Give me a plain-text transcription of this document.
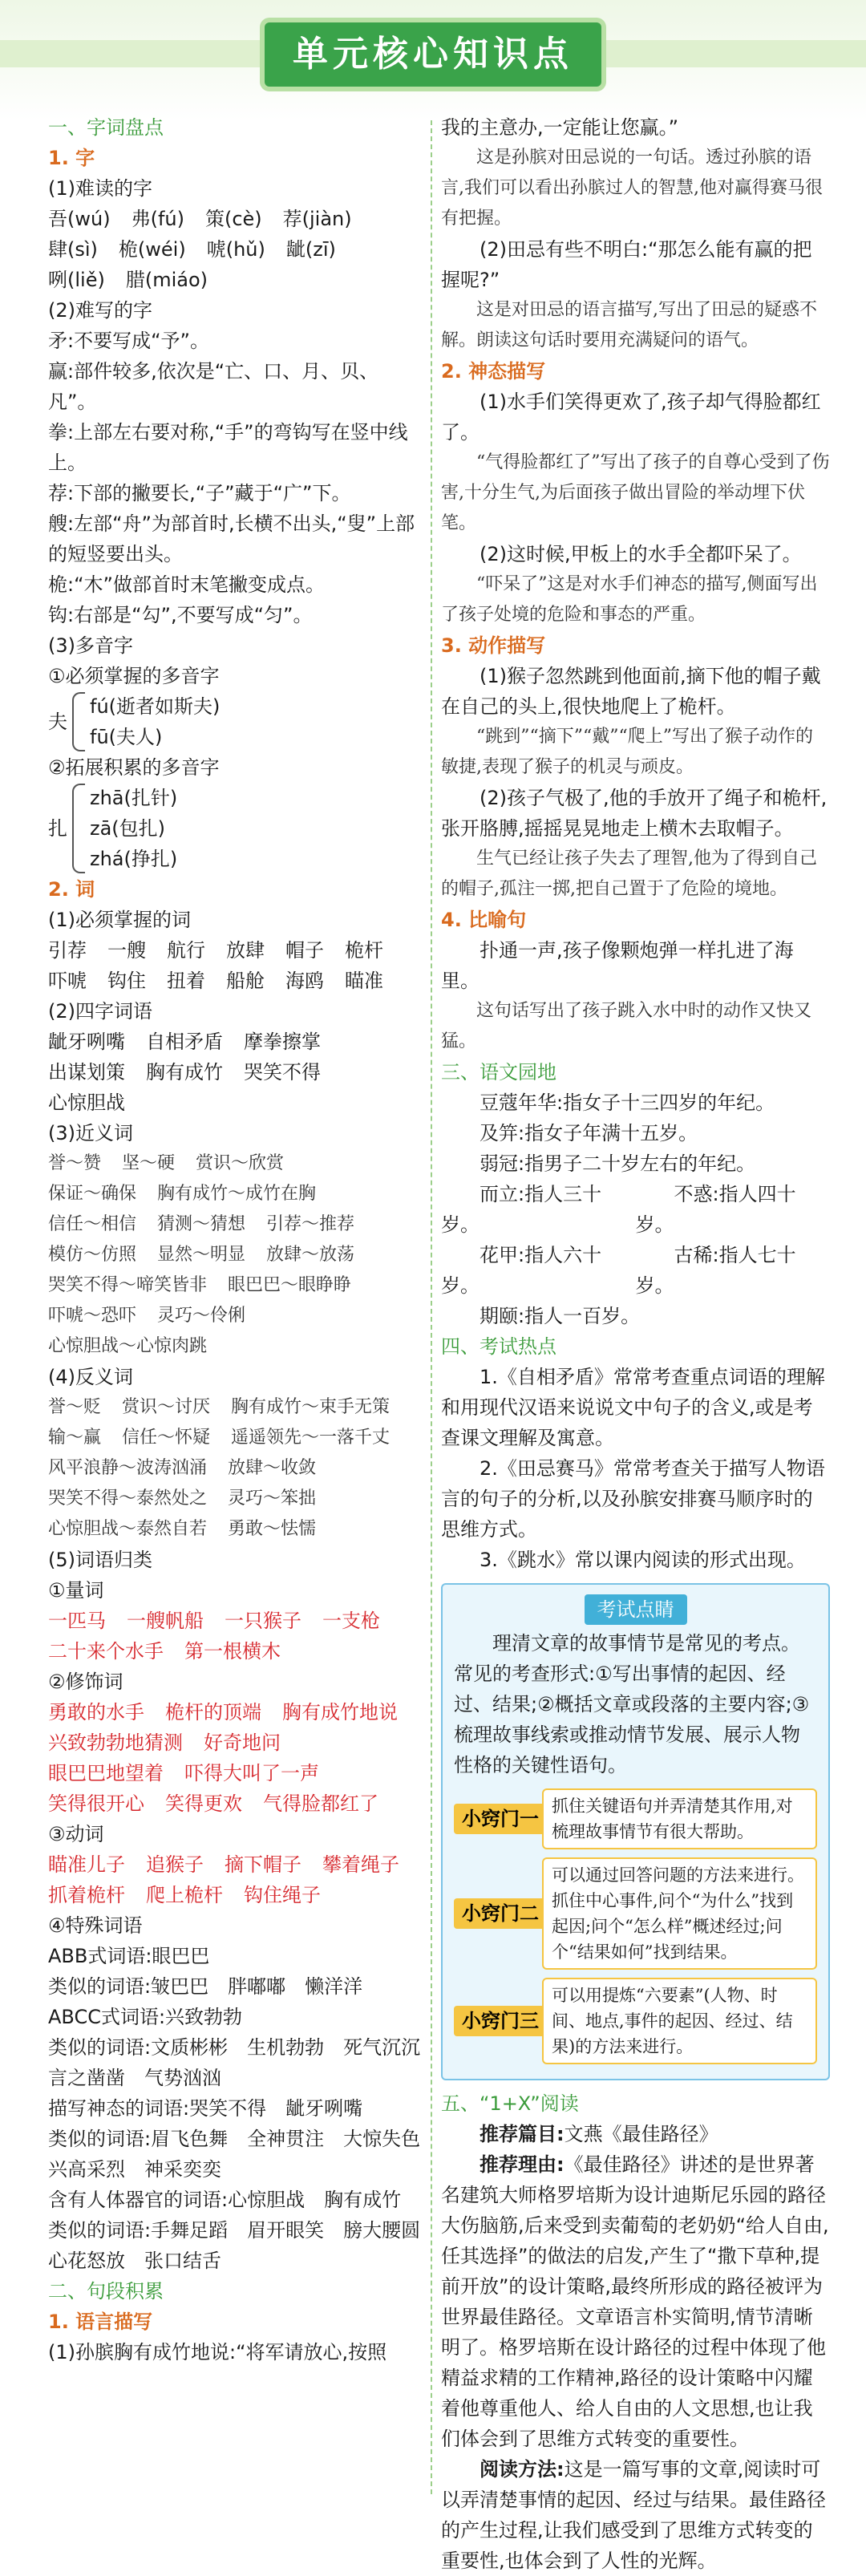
单元核心知识点
一、字词盘点
1. 字
(1)难读的字
吾(wú) 弗(fú) 策(cè) 荐(jiàn)
肆(sì) 桅(wéi) 唬(hǔ) 龇(zī)
咧(liě) 腊(miáo)
(2)难写的字
矛:不要写成“予”。
赢:部件较多,依次是“亡、口、月、贝、凡”。
拳:上部左右要对称,“手”的弯钩写在竖中线上。
荐:下部的撇要长,“子”藏于“广”下。
艘:左部“舟”为部首时,长横不出头,“叟”上部的短竖要出头。
桅:“木”做部首时末笔撇变成点。
钩:右部是“勾”,不要写成“匀”。
(3)多音字
①必须掌握的多音字
夫
fú(逝者如斯夫)
fū(夫人)
②拓展积累的多音字
扎
zhā(扎针)
zā(包扎)
zhá(挣扎)
2. 词
(1)必须掌握的词
引荐 一艘 航行 放肆 帽子 桅杆
吓唬 钩住 扭着 船舱 海鸥 瞄准
(2)四字词语
龇牙咧嘴 自相矛盾 摩拳擦掌
出谋划策 胸有成竹 哭笑不得
心惊胆战
(3)近义词
誉～赞 坚～硬 赏识～欣赏
保证～确保 胸有成竹～成竹在胸
信任～相信 猜测～猜想 引荐～推荐
模仿～仿照 显然～明显 放肆～放荡
哭笑不得～啼笑皆非 眼巴巴～眼睁睁
吓唬～恐吓 灵巧～伶俐
心惊胆战～心惊肉跳
(4)反义词
誉～贬 赏识～讨厌 胸有成竹～束手无策
输～赢 信任～怀疑 遥遥领先～一落千丈
风平浪静～波涛汹涌 放肆～收敛
哭笑不得～泰然处之 灵巧～笨拙
心惊胆战～泰然自若 勇敢～怯懦
(5)词语归类
①量词
一匹马 一艘帆船 一只猴子 一支枪
二十来个水手 第一根横木
②修饰词
勇敢的水手 桅杆的顶端 胸有成竹地说
兴致勃勃地猜测 好奇地问
眼巴巴地望着 吓得大叫了一声
笑得很开心 笑得更欢 气得脸都红了
③动词
瞄准儿子 追猴子 摘下帽子 攀着绳子
抓着桅杆 爬上桅杆 钩住绳子
④特殊词语
ABB式词语:眼巴巴
类似的词语:皱巴巴　胖嘟嘟　懒洋洋
ABCC式词语:兴致勃勃
类似的词语:文质彬彬　生机勃勃　死气沉沉　言之凿凿　气势汹汹
描写神态的词语:哭笑不得　龇牙咧嘴
类似的词语:眉飞色舞　全神贯注　大惊失色　兴高采烈　神采奕奕
含有人体器官的词语:心惊胆战　胸有成竹
类似的词语:手舞足蹈　眉开眼笑　膀大腰圆　心花怒放　张口结舌
二、句段积累
1. 语言描写
(1)孙膑胸有成竹地说:“将军请放心,按照
我的主意办,一定能让您赢。”
这是孙膑对田忌说的一句话。透过孙膑的语言,我们可以看出孙膑过人的智慧,他对赢得赛马很有把握。
(2)田忌有些不明白:“那怎么能有赢的把握呢?”
这是对田忌的语言描写,写出了田忌的疑惑不解。朗读这句话时要用充满疑问的语气。
2. 神态描写
(1)水手们笑得更欢了,孩子却气得脸都红了。
“气得脸都红了”写出了孩子的自尊心受到了伤害,十分生气,为后面孩子做出冒险的举动埋下伏笔。
(2)这时候,甲板上的水手全都吓呆了。
“吓呆了”这是对水手们神态的描写,侧面写出了孩子处境的危险和事态的严重。
3. 动作描写
(1)猴子忽然跳到他面前,摘下他的帽子戴在自己的头上,很快地爬上了桅杆。
“跳到”“摘下”“戴”“爬上”写出了猴子动作的敏捷,表现了猴子的机灵与顽皮。
(2)孩子气极了,他的手放开了绳子和桅杆,张开胳膊,摇摇晃晃地走上横木去取帽子。
生气已经让孩子失去了理智,他为了得到自己的帽子,孤注一掷,把自己置于了危险的境地。
4. 比喻句
扑通一声,孩子像颗炮弹一样扎进了海里。
这句话写出了孩子跳入水中时的动作又快又猛。
三、语文园地
豆蔻年华:指女子十三四岁的年纪。
及笄:指女子年满十五岁。
弱冠:指男子二十岁左右的年纪。
而立:指人三十岁。
不惑:指人四十岁。
花甲:指人六十岁。
古稀:指人七十岁。
期颐:指人一百岁。
四、考试热点
1.《自相矛盾》常常考查重点词语的理解和用现代汉语来说说文中句子的含义,或是考查课文理解及寓意。
2.《田忌赛马》常常考查关于描写人物语言的句子的分析,以及孙膑安排赛马顺序时的思维方式。
3.《跳水》常以课内阅读的形式出现。
考试点睛
理清文章的故事情节是常见的考点。常见的考查形式:①写出事情的起因、经过、结果;②概括文章或段落的主要内容;③梳理故事线索或推动情节发展、展示人物性格的关键性语句。
小窍门一
抓住关键语句并弄清楚其作用,对梳理故事情节有很大帮助。
小窍门二
可以通过回答问题的方法来进行。抓住中心事件,问个“为什么”找到起因;问个“怎么样”概述经过;问个“结果如何”找到结果。
小窍门三
可以用提炼“六要素”(人物、时间、地点,事件的起因、经过、结果)的方法来进行。
五、“1+X”阅读
推荐篇目:文燕《最佳路径》
推荐理由:《最佳路径》讲述的是世界著名建筑大师格罗培斯为设计迪斯尼乐园的路径大伤脑筋,后来受到卖葡萄的老奶奶“给人自由,任其选择”的做法的启发,产生了“撒下草种,提前开放”的设计策略,最终所形成的路径被评为世界最佳路径。文章语言朴实简明,情节清晰明了。格罗培斯在设计路径的过程中体现了他精益求精的工作精神,路径的设计策略中闪耀着他尊重他人、给人自由的人文思想,也让我们体会到了思维方式转变的重要性。
阅读方法:这是一篇写事的文章,阅读时可以弄清楚事情的起因、经过与结果。最佳路径的产生过程,让我们感受到了思维方式转变的重要性,也体会到了人性的光辉。
